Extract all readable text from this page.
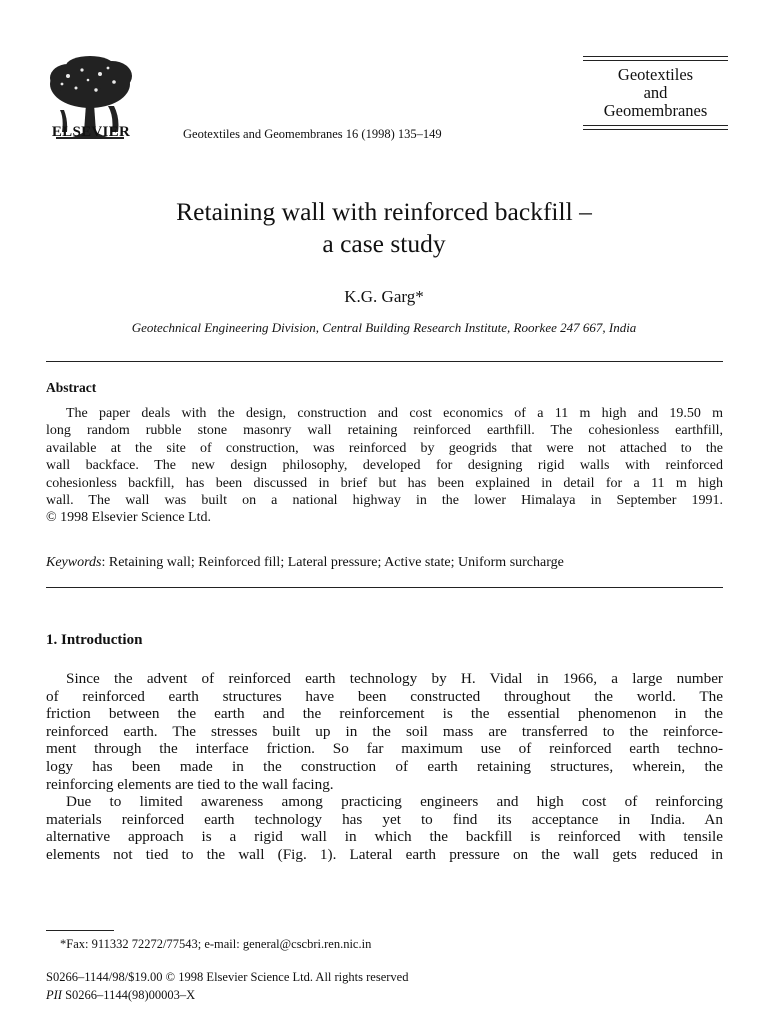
ELSEVIER	Geotextiles and Geomembranes 16 (1998) 135–149
Geotextiles
and
Geomembranes
Retaining wall with reinforced backfill –
a case study
K.G. Garg*
Geotechnical Engineering Division, Central Building Research Institute, Roorkee 247 667, India
Abstract
The paper deals with the design, construction and cost economics of a 11 m high and 19.50 m
long random rubble stone masonry wall retaining reinforced earthfill. The cohesionless earthfill,
available at the site of construction, was reinforced by geogrids that were not attached to the
wall backface. The new design philosophy, developed for designing rigid walls with reinforced
cohesionless backfill, has been discussed in brief but has been explained in detail for a 11 m high
wall. The wall was built on a national highway in the lower Himalaya in September 1991.
© 1998 Elsevier Science Ltd.
Keywords: Retaining wall; Reinforced fill; Lateral pressure; Active state; Uniform surcharge
1. Introduction
Since the advent of reinforced earth technology by H. Vidal in 1966, a large number
of reinforced earth structures have been constructed throughout the world. The
friction between the earth and the reinforcement is the essential phenomenon in the
reinforced earth. The stresses built up in the soil mass are transferred to the reinforce-
ment through the interface friction. So far maximum use of reinforced earth techno-
logy has been made in the construction of earth retaining structures, wherein, the
reinforcing elements are tied to the wall facing.
Due to limited awareness among practicing engineers and high cost of reinforcing
materials reinforced earth technology has yet to find its acceptance in India. An
alternative approach is a rigid wall in which the backfill is reinforced with tensile
elements not tied to the wall (Fig. 1). Lateral earth pressure on the wall gets reduced in
*Fax: 911332 72272/77543; e-mail: general@cscbri.ren.nic.in
S0266–1144/98/$19.00 © 1998 Elsevier Science Ltd. All rights reserved
PII S0266–1144(98)00003–X
